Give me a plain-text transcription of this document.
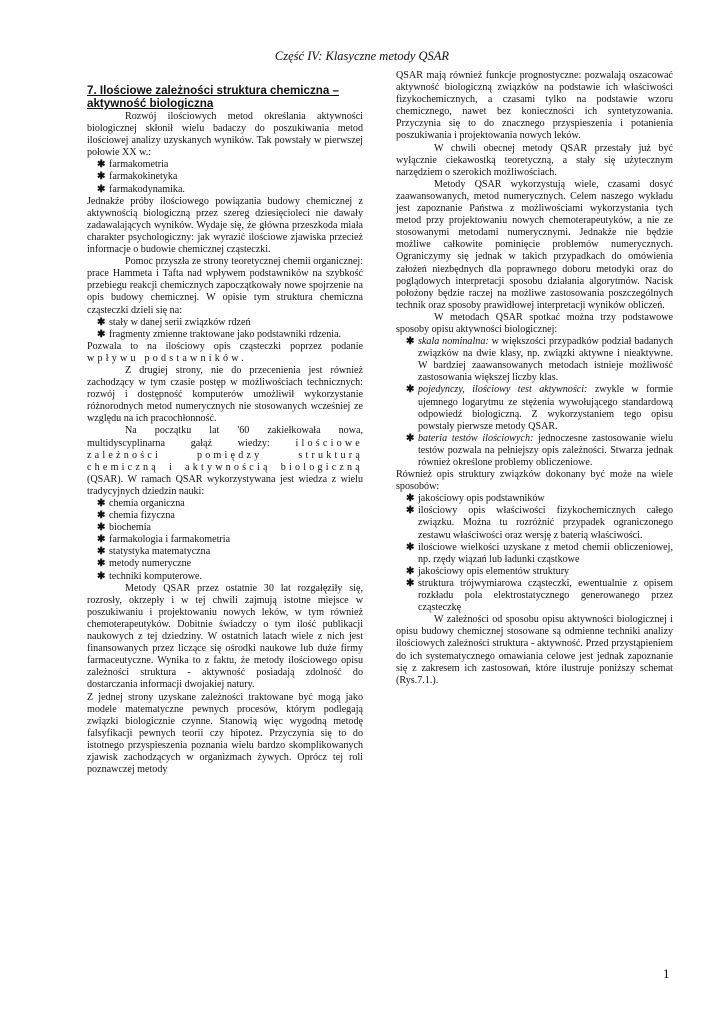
Część IV: Klasyczne metody QSAR
7. Ilościowe zależności struktura chemiczna – aktywność biologiczna

Rozwój ilościowych metod określania aktywności biologicznej skłonił wielu badaczy do poszukiwania metod ilościowej analizy uzyskanych wyników. Tak powstały w pierwszej połowie XX w.:

✱ farmakometria
✱ farmakokinetyka
✱ farmakodynamika.

Jednakże próby ilościowego powiązania budowy chemicznej z aktywnością biologiczną przez szereg dziesięcioleci nie dawały zadawalających wyników. Wydaje się, że główna przeszkoda miała charakter psychologiczny: jak wyrazić ilościowe zjawiska przecież informacje o budowie chemicznej cząsteczki.

Pomoc przyszła ze strony teoretycznej chemii organicznej: prace Hammeta i Tafta nad wpływem podstawników na szybkość przebiegu reakcji chemicznych zapoczątkowały nowe spojrzenie na opis budowy chemicznej. W opisie tym struktura chemiczna cząsteczki dzieli się na:

✱ stały w danej serii związków rdzeń
✱ fragmenty zmienne traktowane jako podstawniki rdzenia.

Pozwala to na ilościowy opis cząsteczki poprzez podanie wpływu podstawników.

Z drugiej strony, nie do przecenienia jest również zachodzący w tym czasie postęp w możliwościach technicznych: rozwój i dostępność komputerów umożliwił wykorzystanie różnorodnych metod numerycznych nie stosowanych wcześniej ze względu na ich pracochłonność.

Na początku lat '60 zakiełkowała nowa, multidyscyplinarna gałąź wiedzy:	ilościowe zależności pomiędzy strukturą chemiczną i aktywnością biologiczną (QSAR). W ramach QSAR wykorzystywana jest wiedza z wielu tradycyjnych dziedzin nauki:

✱ chemia organiczna
✱ chemia fizyczna
✱ biochemia
✱ farmakologia i farmakometria
✱ statystyka matematyczna
✱ metody numeryczne
✱ techniki komputerowe.

Metody QSAR przez ostatnie 30 lat rozgałęziły się, rozrosły, okrzepły i w tej chwili zajmują istotne miejsce w poszukiwaniu i projektowaniu nowych leków, w tym również chemoterapeutyków. Dobitnie świadczy o tym ilość publikacji naukowych z tej dziedziny. W ostatnich latach wiele z nich jest finansowanych przez liczące się ośrodki naukowe lub duże firmy farmaceutyczne. Wynika to z faktu, że metody ilościowego opisu zależności struktura - aktywność posiadają zdolność do dostarczania informacji dwojakiej natury.

Z jednej strony uzyskane zależności traktowane być mogą jako modele matematyczne pewnych procesów, którym podlegają związki biologicznie czynne. Stanowią więc wygodną metodę falsyfikacji pewnych teorii czy hipotez. Przyczynia się to do istotnego przyspieszenia poznania wielu bardzo skomplikowanych zjawisk zachodzących w organizmach żywych. Oprócz tej roli poznawczej metody

QSAR mają również funkcje prognostyczne: pozwalają oszacować aktywność biologiczną związków na podstawie ich właściwości fizykochemicznych, a czasami tylko na podstawie wzoru chemicznego, nawet bez konieczności ich syntetyzowania. Przyczynia się to do znacznego przyspieszenia i potanienia poszukiwania i projektowania nowych leków.

W chwili obecnej metody QSAR przestały już być wyłącznie ciekawostką teoretyczną, a stały się użytecznym narzędziem o szerokich możliwościach.

Metody QSAR wykorzystują wiele, czasami dosyć zaawansowanych, metod numerycznych. Celem naszego wykładu jest zapoznanie Państwa z możliwościami wykorzystania tych metod przy projektowaniu nowych chemoterapeutyków, a nie ze stosowanymi metodami numerycznymi. Jednakże nie będzie możliwe całkowite pominięcie problemów numerycznych. Ograniczymy się jednak w takich przypadkach do omówienia założeń niezbędnych dla poprawnego doboru metodyki oraz do poglądowych interpretacji sposobu działania algorytmów. Nacisk położony będzie raczej na możliwe zastosowania poszczególnych technik oraz sposoby prawidłowej interpretacji wyników obliczeń.

W metodach QSAR spotkać można trzy podstawowe sposoby opisu aktywności biologicznej:

✱ skala nominalna: w większości przypadków podział badanych związków na dwie klasy, np. związki aktywne i nieaktywne. W bardziej zaawansowanych metodach istnieje możliwość zastosowania większej liczby klas.
✱ pojedynczy, ilościowy test aktywności: zwykle w formie ujemnego logarytmu ze stężenia wywołującego standardową odpowiedź biologiczną. Z wykorzystaniem tego opisu powstały pierwsze metody QSAR.
✱ bateria testów ilościowych: jednoczesne zastosowanie wielu testów pozwala na pełniejszy opis zależności. Stwarza jednak również określone problemy obliczeniowe.

Również opis struktury związków dokonany być może na wiele sposobów:

✱ jakościowy opis podstawników
✱ ilościowy opis właściwości fizykochemicznych całego związku. Można tu rozróżnić przypadek ograniczonego zestawu właściwości oraz wersję z baterią właściwości.
✱ ilościowe wielkości uzyskane z metod chemii obliczeniowej, np. rzędy wiązań lub ładunki cząstkowe
✱ jakościowy opis elementów struktury
✱ struktura trójwymiarowa cząsteczki, ewentualnie z opisem rozkładu pola elektrostatycznego generowanego przez cząsteczkę

W zależności od sposobu opisu aktywności biologicznej i opisu budowy chemicznej stosowane są odmienne techniki analizy ilościowych zależności struktura - aktywność. Przed przystąpieniem do ich systematycznego omawiania celowe jest jednak zapoznanie się z zakresem ich zastosowań, które ilustruje poniższy schemat (Rys.7.1.).

1
